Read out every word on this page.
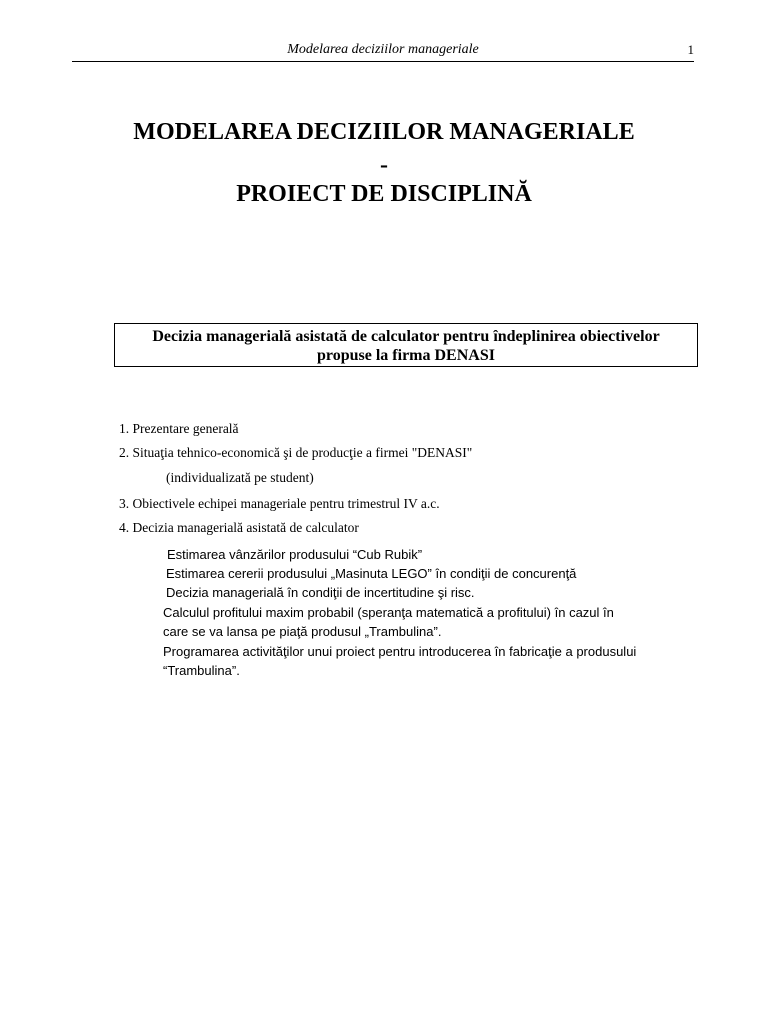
Modelarea deciziilor manageriale	1
MODELAREA DECIZIILOR MANAGERIALE
-
PROIECT DE DISCIPLINĂ
Decizia managerială asistată de calculator pentru îndeplinirea obiectivelor
propuse la firma DENASI
1. Prezentare generală
2. Situaţia tehnico-economică şi de producţie a firmei "DENASI"
(individualizată pe student)
3. Obiectivele echipei manageriale pentru trimestrul IV a.c.
4. Decizia managerială asistată de calculator
Estimarea vânzărilor produsului “Cub Rubik”
Estimarea cererii produsului „Masinuta LEGO” în condiţii de concurenţă
Decizia managerială în condiţii de incertitudine şi risc.
Calculul profitului maxim probabil (speranţa matematică a profitului) în cazul în
care se va lansa pe piaţă produsul „Trambulina”.
Programarea activităţilor unui proiect pentru introducerea în fabricaţie a produsului
“Trambulina”.
